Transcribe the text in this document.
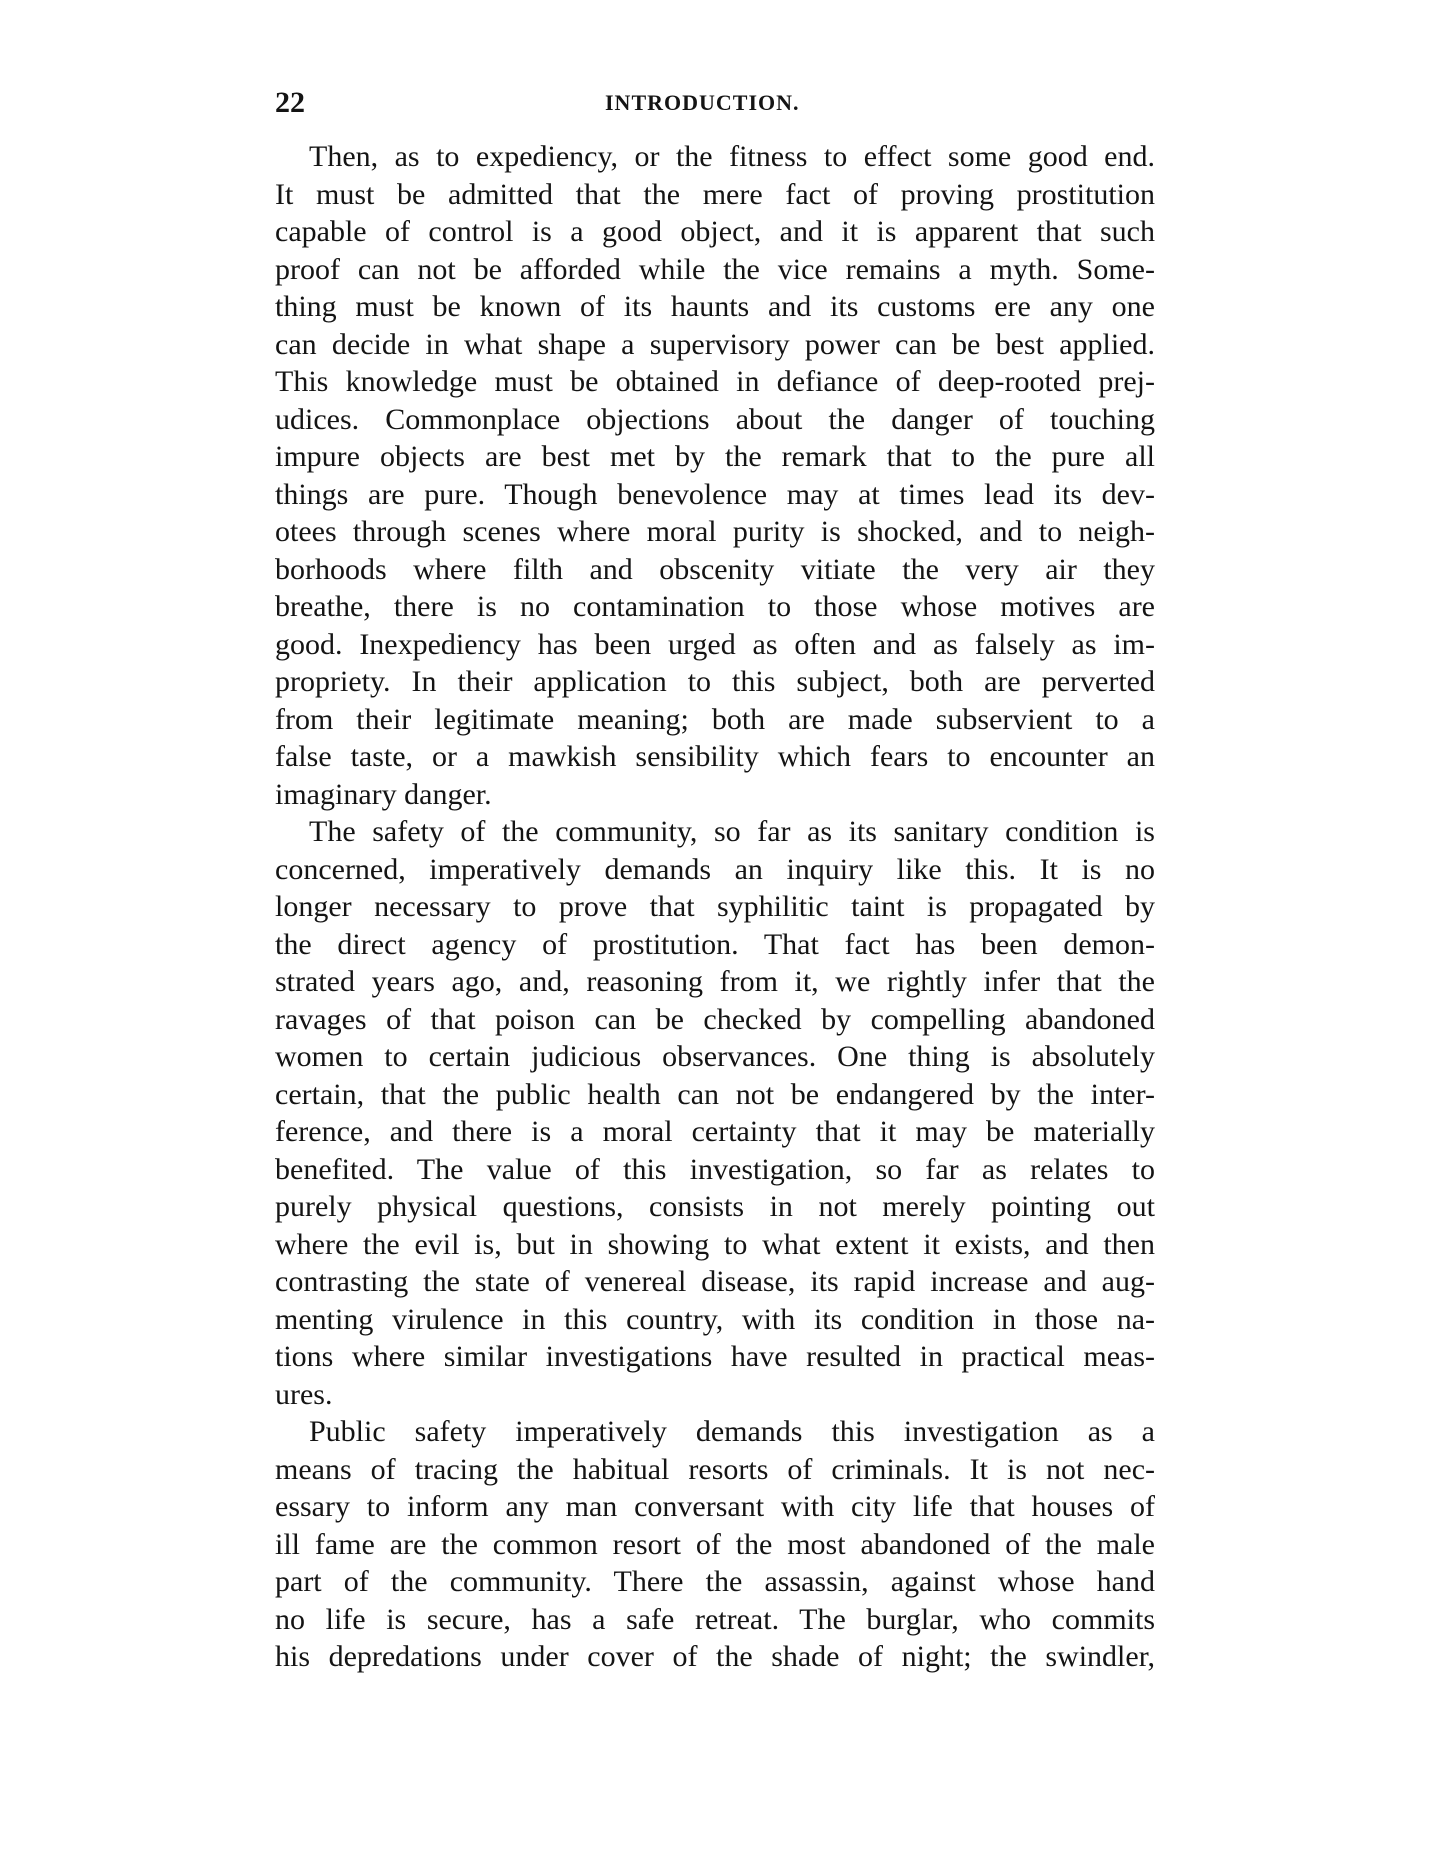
22	INTRODUCTION.
Then, as to expediency, or the fitness to effect some good end.
It must be admitted that the mere fact of proving prostitution
capable of control is a good object, and it is apparent that such
proof can not be afforded while the vice remains a myth. Some-
thing must be known of its haunts and its customs ere any one
can decide in what shape a supervisory power can be best applied.
This knowledge must be obtained in defiance of deep-rooted prej-
udices. Commonplace objections about the danger of touching
impure objects are best met by the remark that to the pure all
things are pure. Though benevolence may at times lead its dev-
otees through scenes where moral purity is shocked, and to neigh-
borhoods where filth and obscenity vitiate the very air they
breathe, there is no contamination to those whose motives are
good. Inexpediency has been urged as often and as falsely as im-
propriety. In their application to this subject, both are perverted
from their legitimate meaning; both are made subservient to a
false taste, or a mawkish sensibility which fears to encounter an
imaginary danger.
The safety of the community, so far as its sanitary condition is
concerned, imperatively demands an inquiry like this. It is no
longer necessary to prove that syphilitic taint is propagated by
the direct agency of prostitution. That fact has been demon-
strated years ago, and, reasoning from it, we rightly infer that the
ravages of that poison can be checked by compelling abandoned
women to certain judicious observances. One thing is absolutely
certain, that the public health can not be endangered by the inter-
ference, and there is a moral certainty that it may be materially
benefited. The value of this investigation, so far as relates to
purely physical questions, consists in not merely pointing out
where the evil is, but in showing to what extent it exists, and then
contrasting the state of venereal disease, its rapid increase and aug-
menting virulence in this country, with its condition in those na-
tions where similar investigations have resulted in practical meas-
ures.
Public safety imperatively demands this investigation as a
means of tracing the habitual resorts of criminals. It is not nec-
essary to inform any man conversant with city life that houses of
ill fame are the common resort of the most abandoned of the male
part of the community. There the assassin, against whose hand
no life is secure, has a safe retreat. The burglar, who commits
his depredations under cover of the shade of night; the swindler,
